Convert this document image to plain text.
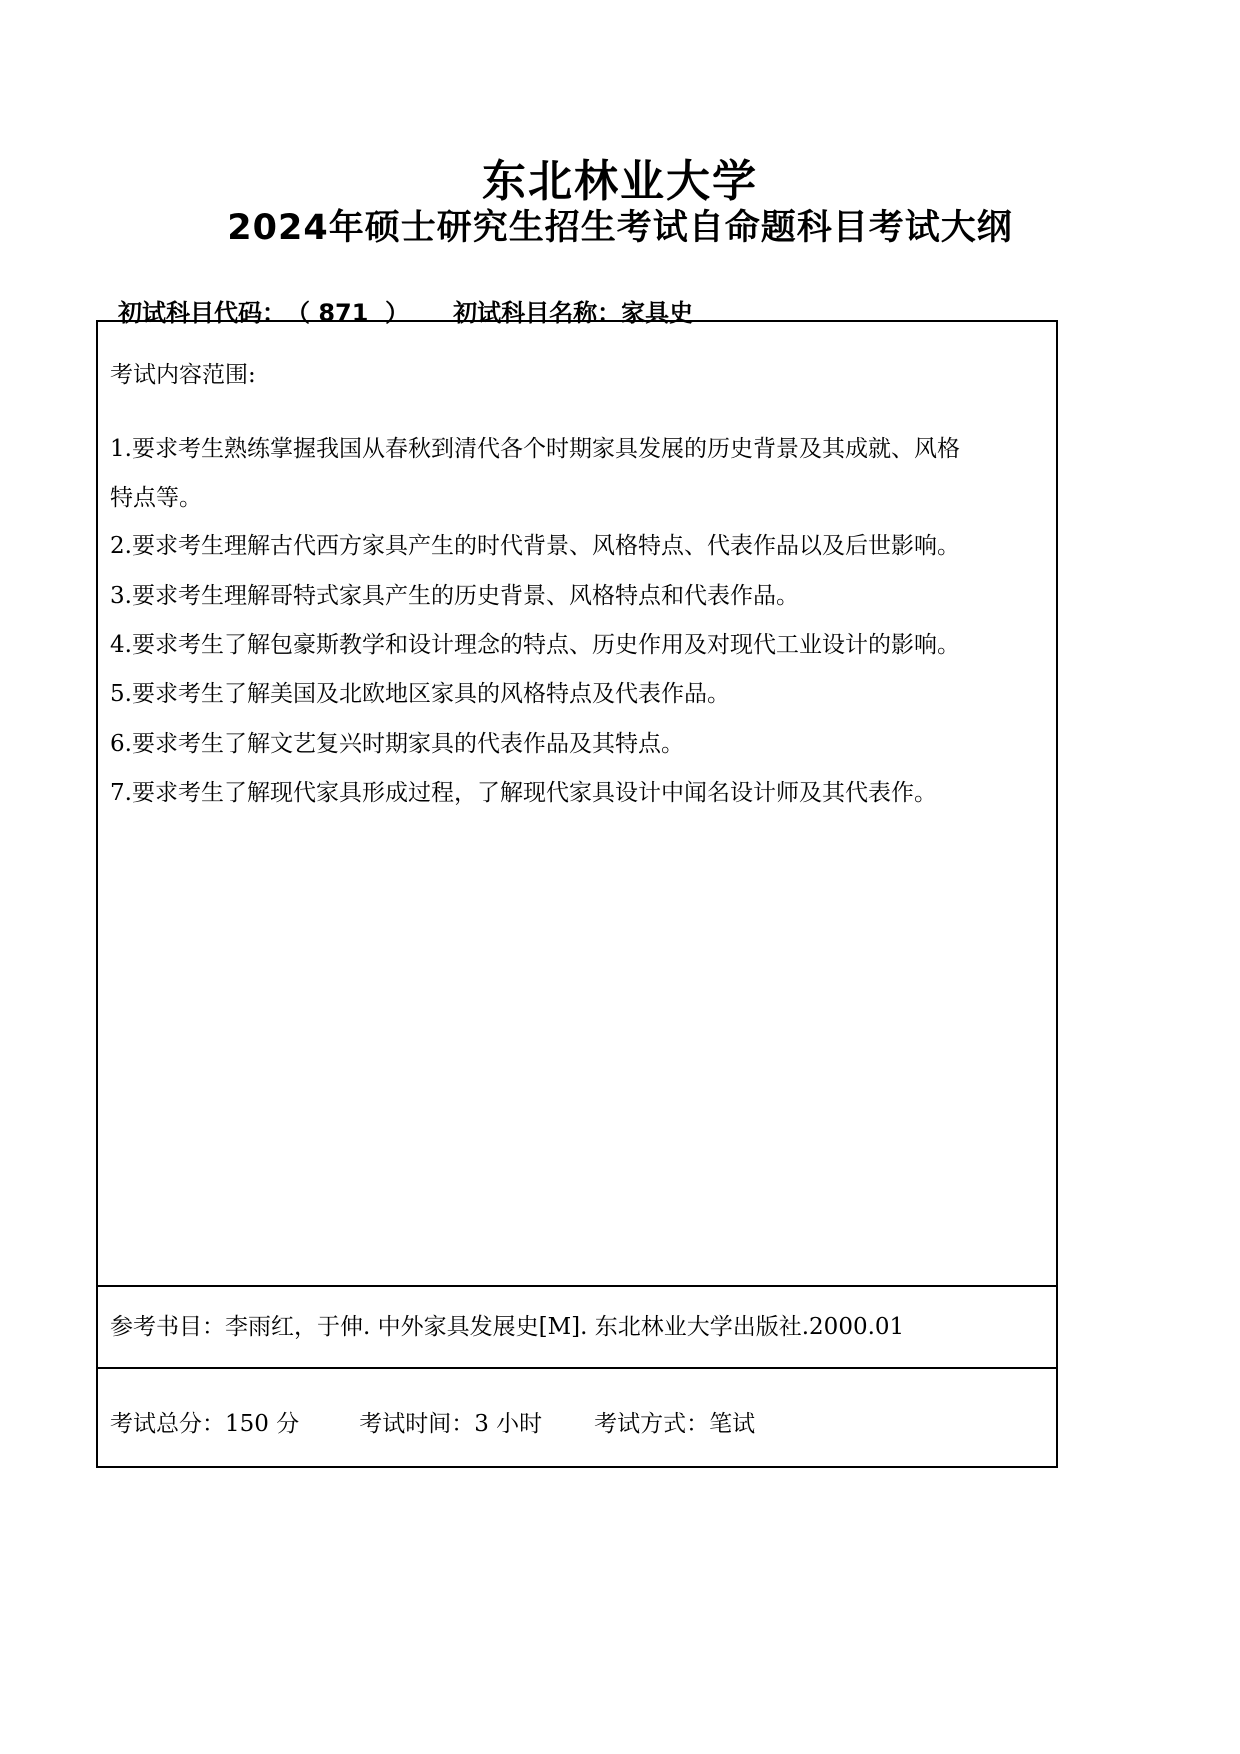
东北林业大学
2024年硕士研究生招生考试自命题科目考试大纲
初试科目代码：（ 871  ） 初试科目名称：家具史
考试内容范围:
1.要求考生熟练掌握我国从春秋到清代各个时期家具发展的历史背景及其成就、风格
特点等。
2.要求考生理解古代西方家具产生的时代背景、风格特点、代表作品以及后世影响。
3.要求考生理解哥特式家具产生的历史背景、风格特点和代表作品。
4.要求考生了解包豪斯教学和设计理念的特点、历史作用及对现代工业设计的影响。
5.要求考生了解美国及北欧地区家具的风格特点及代表作品。
6.要求考生了解文艺复兴时期家具的代表作品及其特点。
7.要求考生了解现代家具形成过程，了解现代家具设计中闻名设计师及其代表作。
参考书目：李雨红，于伸. 中外家具发展史[M]. 东北林业大学出版社.2000.01
考试总分：150 分	考试时间：3 小时 考试方式：笔试
